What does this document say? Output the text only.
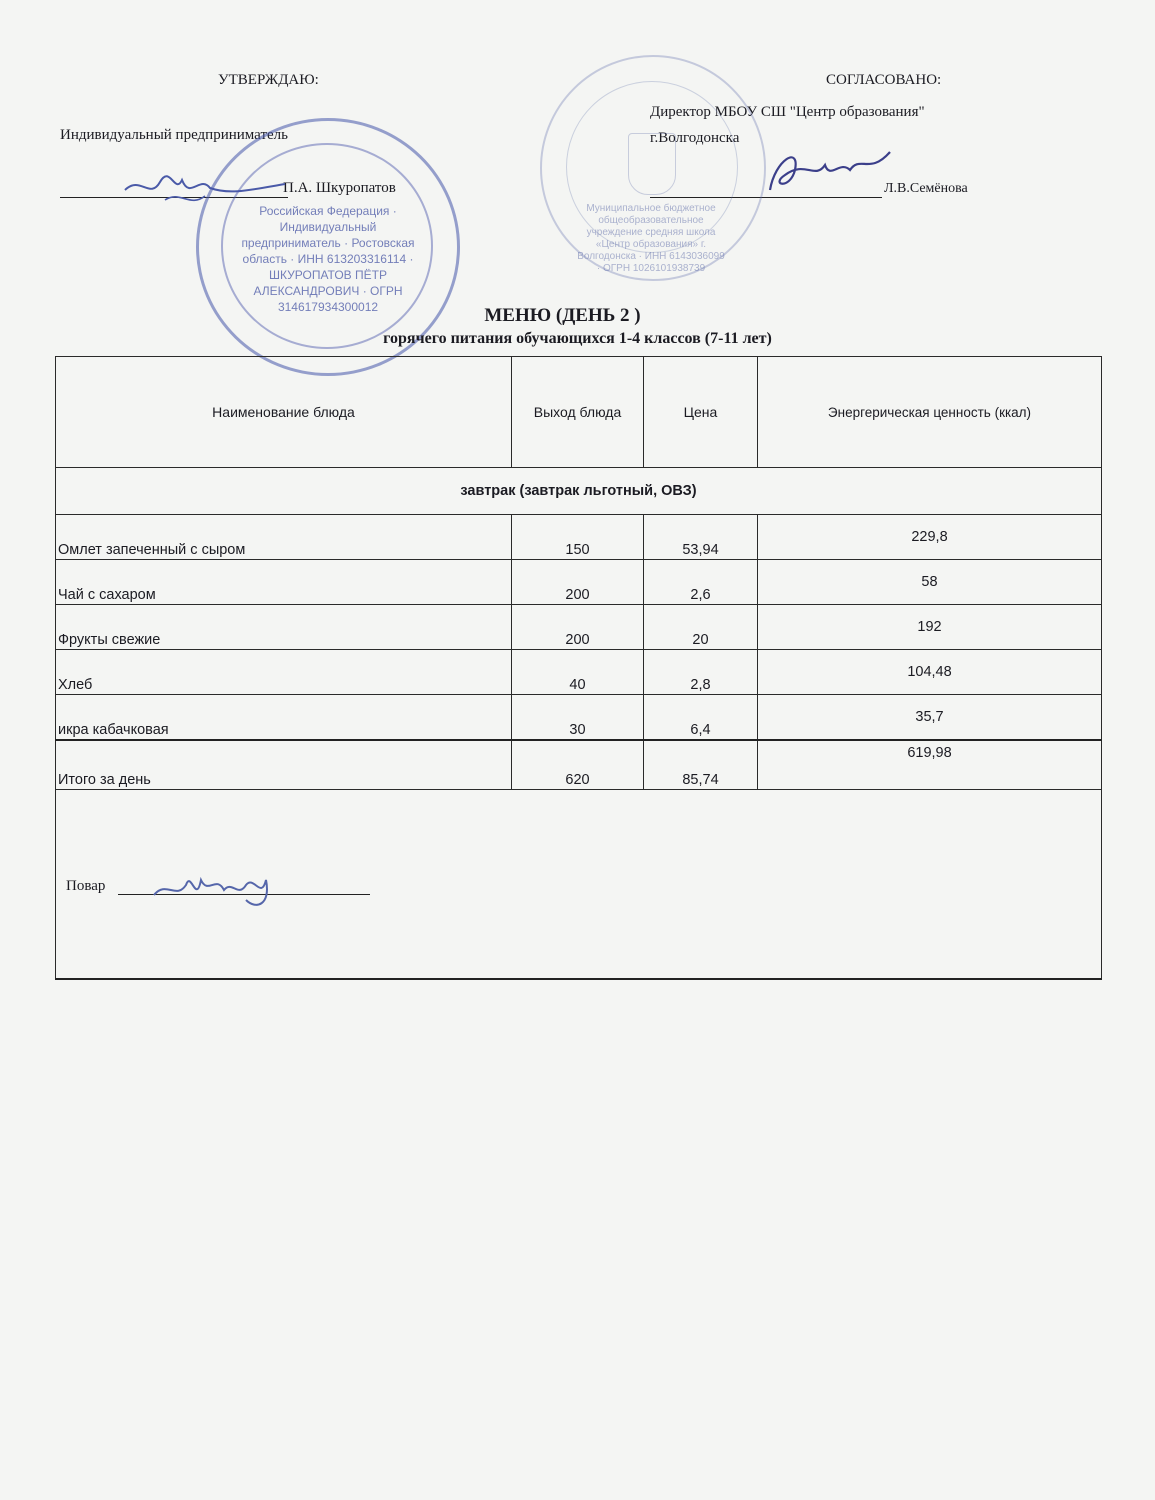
УТВЕРЖДАЮ:
Индивидуальный предприниматель
П.А. Шкуропатов
СОГЛАСОВАНО:
Директор МБОУ СШ "Центр образования"
г.Волгодонска
Л.В.Семёнова
Российская Федерация · Индивидуальный предприниматель · Ростовская область · ИНН 613203316114 · ШКУРОПАТОВ ПЁТР АЛЕКСАНДРОВИЧ · ОГРН 314617934300012
Муниципальное бюджетное общеобразовательное учреждение средняя школа «Центр образования» г. Волгодонска · ИНН 6143036099 · ОГРН 1026101938739
МЕНЮ (ДЕНЬ 2 )
горячего питания обучающихся 1-4 классов (7-11 лет)
Наименование блюда	Выход блюда	Цена	Энергерическая ценность (ккал)
завтрак (завтрак льготный, ОВЗ)			
Омлет запеченный с сыром	150	53,94	229,8
Чай с сахаром	200	2,6	58
Фрукты свежие	200	20	192
Хлеб	40	2,8	104,48
икра кабачковая	30	6,4	35,7
Итого за день	620	85,74	619,98

Повар			
